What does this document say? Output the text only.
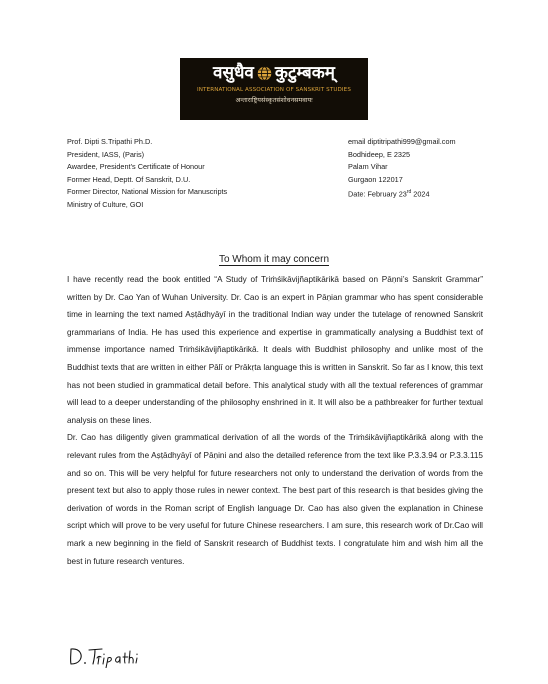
वसुधैव कुटुम्बकम्
INTERNATIONAL ASSOCIATION OF SANSKRIT STUDIES
अन्ताराष्ट्रियसंस्कृतसंशोधनसमवायः
Prof. Dipti S.Tripathi Ph.D.
President, IASS, (Paris)
Awardee, President’s Certificate of Honour
Former Head, Deptt. Of Sanskrit, D.U.
Former Director, National Mission for Manuscripts
Ministry of Culture, GOI
email diptitripathi999@gmail.com
Bodhideep, E 2325
Palam Vihar
Gurgaon 122017
Date: February 23rd 2024
To Whom it may concern

I have recently read the book entitled “A Study of Triṁśikāvijñaptikārikā based on Pāṇni’s Sanskrit Grammar” written by Dr. Cao Yan of Wuhan University. Dr. Cao is an expert in Pāṇian grammar who has spent considerable time in learning the text named Aṣṭādhyāyī in the traditional Indian way under the tutelage of renowned Sanskrit grammarians of India. He has used this experience and expertise in grammatically analysing a Buddhist text of immense importance named Triṁśikāvijñaptikārikā. It deals with Buddhist philosophy and unlike most of the Buddhist texts that are written in either Pālī or Prākṛta language this is written in Sanskrit. So far as I know, this text has not been studied in grammatical detail before. This analytical study with all the textual references of grammar will lead to a deeper understanding of the philosophy enshrined in it. It will also be a pathbreaker for further textual analysis on these lines.

Dr. Cao has diligently given grammatical derivation of all the words of the Triṁśikāvijñaptikārikā along with the relevant rules from the Aṣṭādhyāyī of Pāṇini and also the detailed reference from the text like P.3.3.94 or P.3.3.115 and so on. This will be very helpful for future researchers not only to understand the derivation of words from the present text but also to apply those rules in newer context. The best part of this research is that besides giving the derivation of words in the Roman script of English language Dr. Cao has also given the explanation in Chinese script which will prove to be very useful for future Chinese researchers. I am sure, this research work of Dr.Cao will mark a new beginning in the field of Sanskrit research of Buddhist texts. I congratulate him and wish him all the best in future research ventures.
